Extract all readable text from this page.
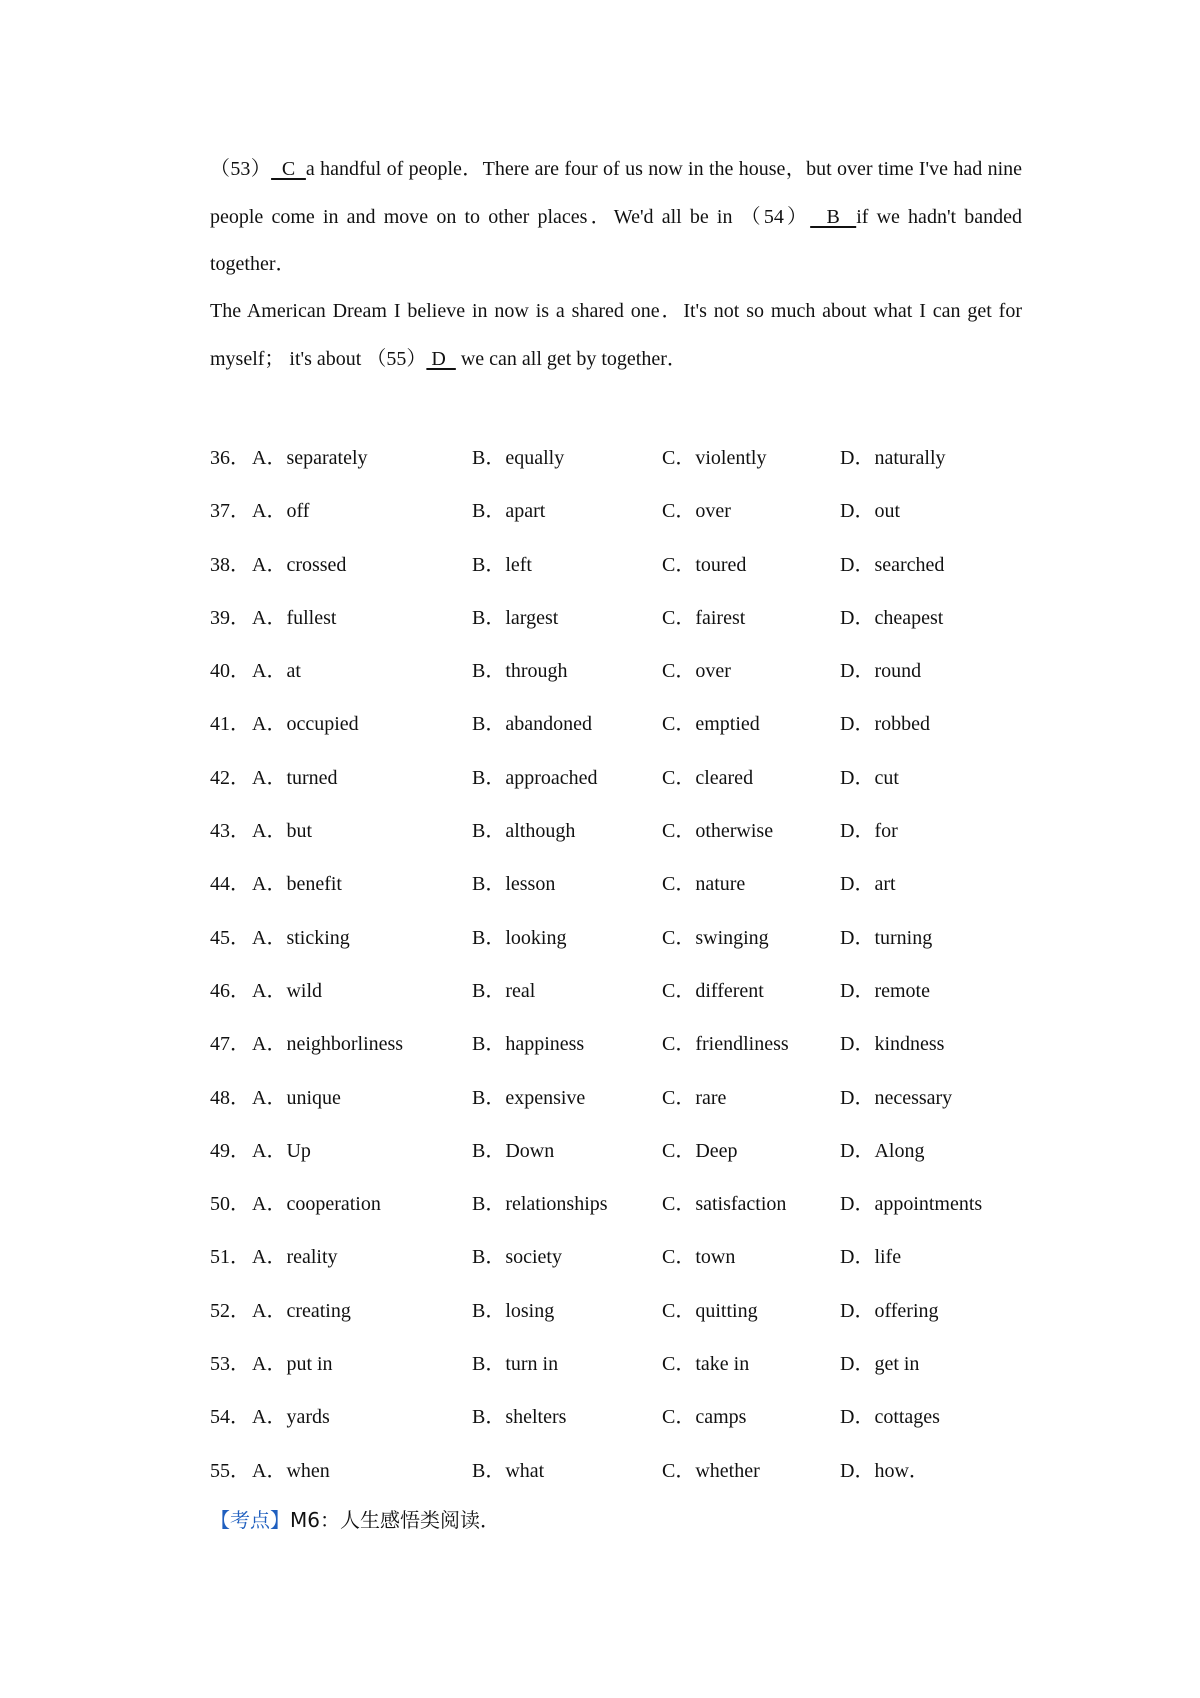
（53）  C  a handful of people．There are four of us now in the house，but over time I've had nine people come in and move on to other places．We'd all be in （54）  B  if we hadn't banded together．

The American Dream I believe in now is a shared one．It's not so much about what I can get for myself； it's about （55） D   we can all get by together．

36． A．separately	B．equally	C．violently	D．naturally
37． A．off	B．apart	C．over	D．out
38． A．crossed	B．left	C．toured	D．searched
39． A．fullest	B．largest	C．fairest	D．cheapest
40． A．at	B．through	C．over	D．round
41． A．occupied	B．abandoned	C．emptied	D．robbed
42． A．turned	B．approached	C．cleared	D．cut
43． A．but	B．although	C．otherwise	D．for
44． A．benefit	B．lesson	C．nature	D．art
45． A．sticking	B．looking	C．swinging	D．turning
46． A．wild	B．real	C．different	D．remote
47． A．neighborliness	B．happiness	C．friendliness	D．kindness
48． A．unique	B．expensive	C．rare	D．necessary
49． A．Up	B．Down	C．Deep	D．Along
50． A．cooperation	B．relationships	C．satisfaction	D．appointments
51． A．reality	B．society	C．town	D．life
52． A．creating	B．losing	C．quitting	D．offering
53． A．put in	B．turn in	C．take in	D．get in
54． A．yards	B．shelters	C．camps	D．cottages
55． A．when	B．what	C．whether	D．how．
【考点】M6：人生感悟类阅读．
